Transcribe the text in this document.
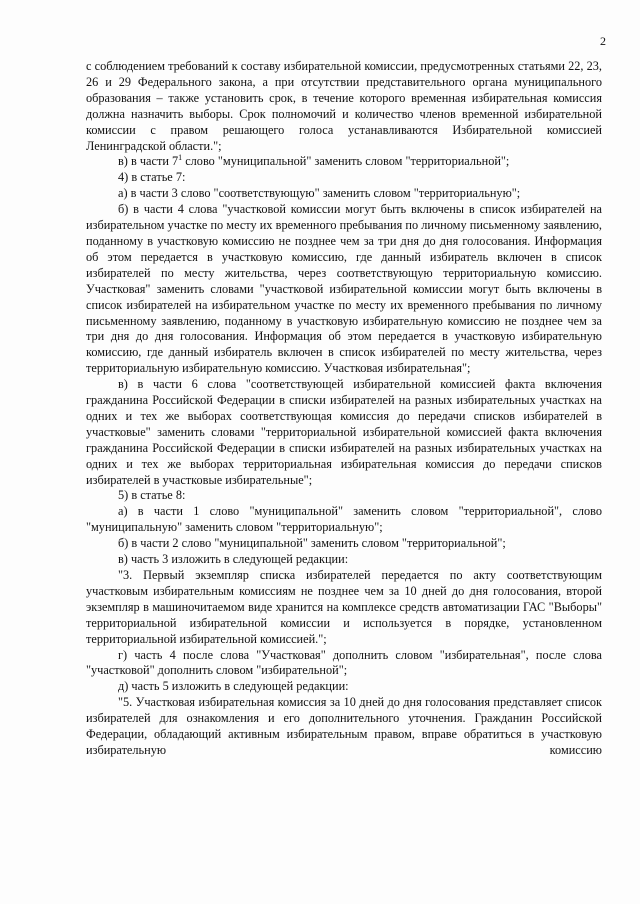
2

с соблюдением требований к составу избирательной комиссии, предусмотренных статьями 22, 23, 26 и 29 Федерального закона, а при отсутствии представительного органа муниципального образования – также установить срок, в течение которого временная избирательная комиссия должна назначить выборы. Срок полномочий и количество членов временной избирательной комиссии с правом решающего голоса устанавливаются Избирательной комиссией Ленинградской области.";

в) в части $7^1$ слово "муниципальной" заменить словом "территориальной";

4) в статье 7:

а) в части 3 слово "соответствующую" заменить словом "территориальную";

б) в части 4 слова "участковой комиссии могут быть включены в список избирателей на избирательном участке по месту их временного пребывания по личному письменному заявлению, поданному в участковую комиссию не позднее чем за три дня до дня голосования. Информация об этом передается в участковую комиссию, где данный избиратель включен в список избирателей по месту жительства, через соответствующую территориальную комиссию. Участковая" заменить словами "участковой избирательной комиссии могут быть включены в список избирателей на избирательном участке по месту их временного пребывания по личному письменному заявлению, поданному в участковую избирательную комиссию не позднее чем за три дня до дня голосования. Информация об этом передается в участковую избирательную комиссию, где данный избиратель включен в список избирателей по месту жительства, через территориальную избирательную комиссию. Участковая избирательная";

в) в части 6 слова "соответствующей избирательной комиссией факта включения гражданина Российской Федерации в списки избирателей на разных избирательных участках на одних и тех же выборах соответствующая комиссия до передачи списков избирателей в участковые" заменить словами "территориальной избирательной комиссией факта включения гражданина Российской Федерации в списки избирателей на разных избирательных участках на одних и тех же выборах территориальная избирательная комиссия до передачи списков избирателей в участковые избирательные";

5) в статье 8:

а) в части 1 слово "муниципальной" заменить словом "территориальной", слово "муниципальную" заменить словом "территориальную";

б) в части 2 слово "муниципальной" заменить словом "территориальной";

в) часть 3 изложить в следующей редакции:

"3. Первый экземпляр списка избирателей передается по акту соответствующим участковым избирательным комиссиям не позднее чем за 10 дней до дня голосования, второй экземпляр в машиночитаемом виде хранится на комплексе средств автоматизации ГАС "Выборы" территориальной избирательной комиссии и используется в порядке, установленном территориальной избирательной комиссией.";

г) часть 4 после слова "Участковая" дополнить словом "избирательная", после слова "участковой" дополнить словом "избирательной";

д) часть 5 изложить в следующей редакции:

"5. Участковая избирательная комиссия за 10 дней до дня голосования представляет список избирателей для ознакомления и его дополнительного уточнения. Гражданин Российской Федерации, обладающий активным избирательным правом, вправе обратиться в участковую избирательную комиссию
